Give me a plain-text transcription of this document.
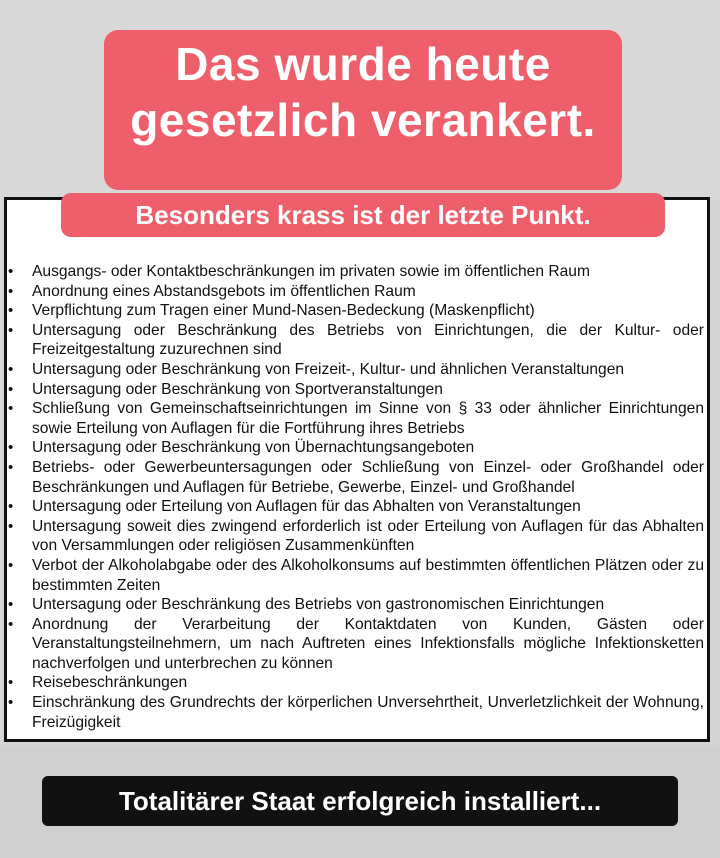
Das wurde heute
gesetzlich verankert.
Besonders krass ist der letzte Punkt.
• Ausgangs- oder Kontaktbeschränkungen im privaten sowie im öffentlichen Raum
• Anordnung eines Abstandsgebots im öffentlichen Raum
• Verpflichtung zum Tragen einer Mund-Nasen-Bedeckung (Maskenpflicht)
• Untersagung oder Beschränkung des Betriebs von Einrichtungen, die der Kultur- oder Freizeitgestaltung zuzurechnen sind
• Untersagung oder Beschränkung von Freizeit-, Kultur- und ähnlichen Veranstaltungen
• Untersagung oder Beschränkung von Sportveranstaltungen
• Schließung von Gemeinschaftseinrichtungen im Sinne von § 33 oder ähnlicher Einrichtungen sowie Erteilung von Auflagen für die Fortführung ihres Betriebs
• Untersagung oder Beschränkung von Übernachtungsangeboten
• Betriebs- oder Gewerbeuntersagungen oder Schließung von Einzel- oder Großhandel oder Beschränkungen und Auflagen für Betriebe, Gewerbe, Einzel- und Großhandel
• Untersagung oder Erteilung von Auflagen für das Abhalten von Veranstaltungen
• Untersagung soweit dies zwingend erforderlich ist oder Erteilung von Auflagen für das Abhalten von Versammlungen oder religiösen Zusammenkünften
• Verbot der Alkoholabgabe oder des Alkoholkonsums auf bestimmten öffentlichen Plätzen oder zu bestimmten Zeiten
• Untersagung oder Beschränkung des Betriebs von gastronomischen Einrichtungen
• Anordnung der Verarbeitung der Kontaktdaten von Kunden, Gästen oder Veranstaltungsteilnehmern, um nach Auftreten eines Infektionsfalls mögliche Infektionsketten nachverfolgen und unterbrechen zu können
• Reisebeschränkungen
• Einschränkung des Grundrechts der körperlichen Unversehrtheit, Unverletzlichkeit der Wohnung, Freizügigkeit
Totalitärer Staat erfolgreich installiert...
